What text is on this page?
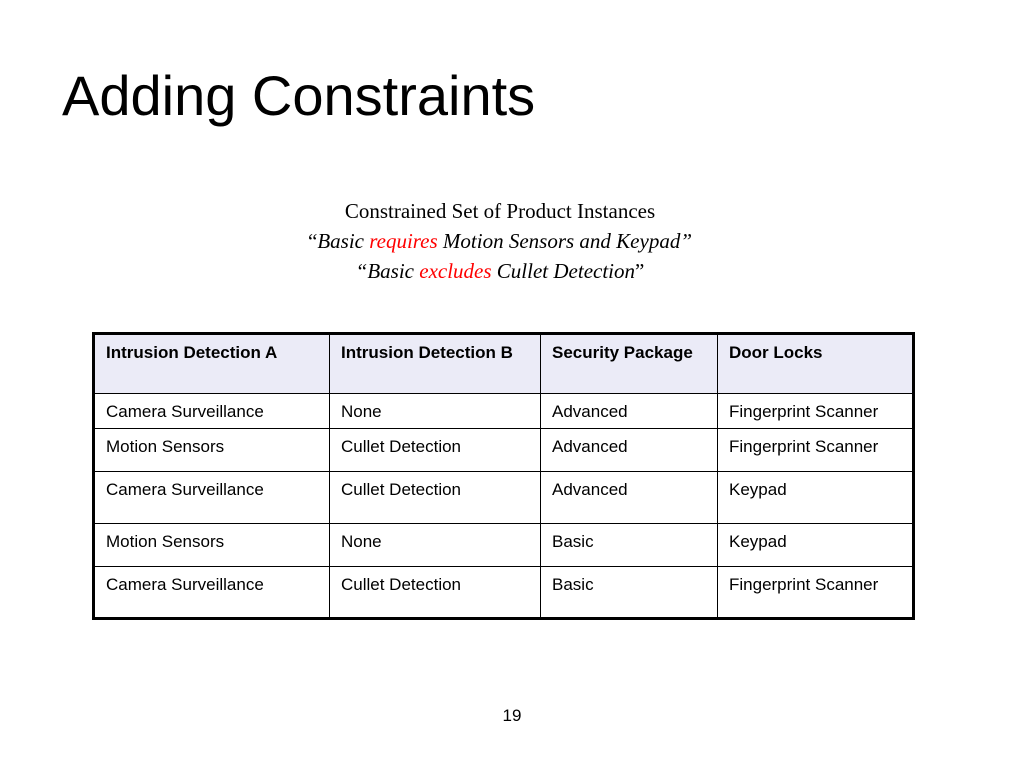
Adding Constraints
Constrained Set of Product Instances
“Basic requires Motion Sensors and Keypad”
“Basic excludes Cullet Detection”
Intrusion Detection A	Intrusion Detection B	Security Package	Door Locks
Camera Surveillance	None	Advanced	Fingerprint Scanner
Motion Sensors	Cullet Detection	Advanced	Fingerprint Scanner
Camera Surveillance	Cullet Detection	Advanced	Keypad
Motion Sensors	None	Basic	Keypad
Camera Surveillance	Cullet Detection	Basic	Fingerprint Scanner
19
